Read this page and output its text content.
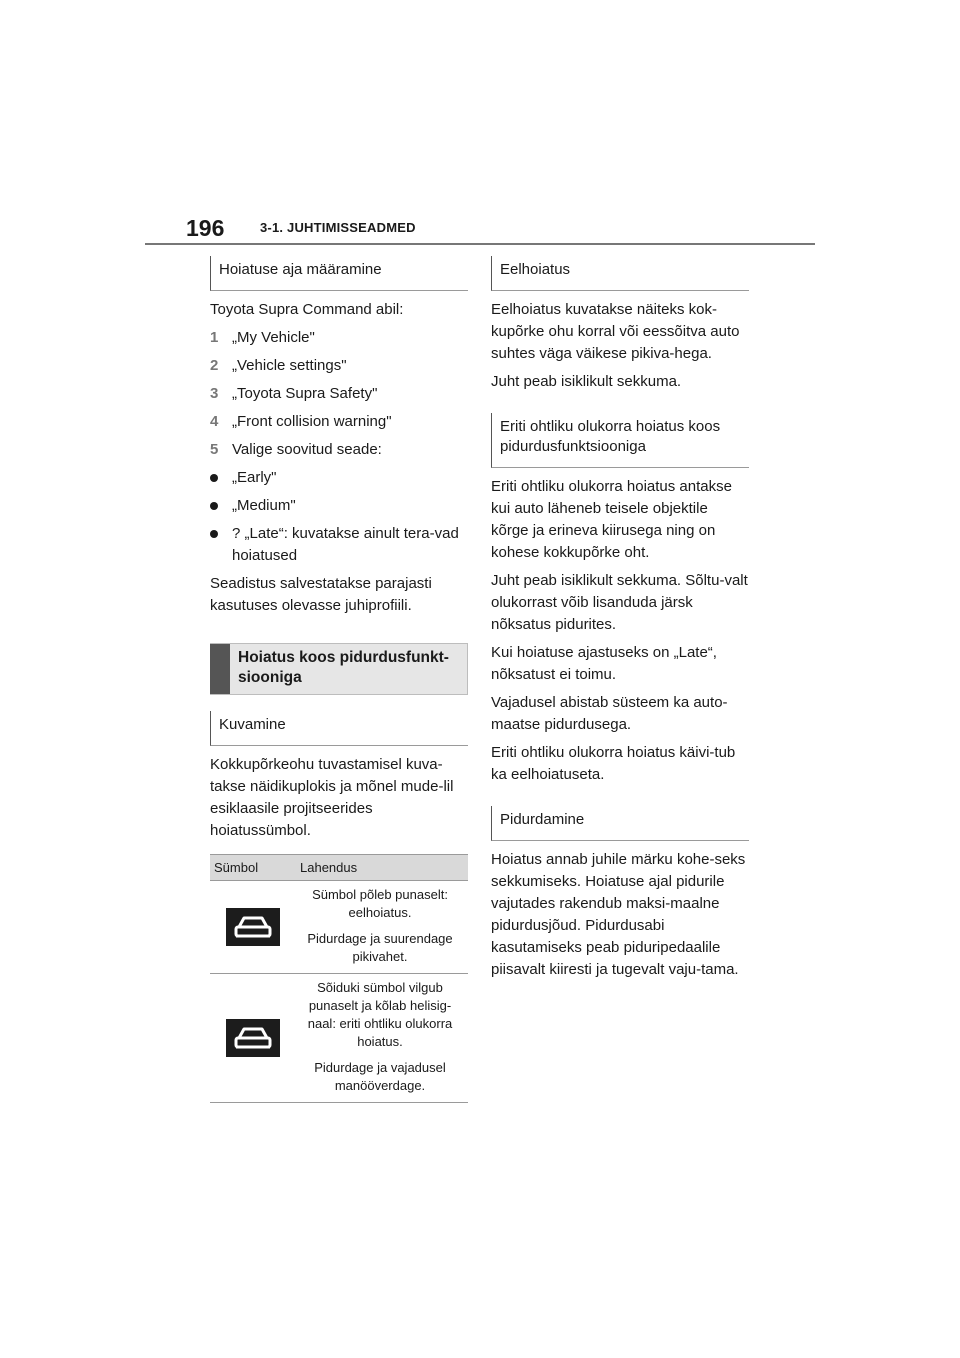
196	3-1. JUHTIMISSEADMED
Hoiatuse aja määramine

Toyota Supra Command abil:

1 „My Vehicle"
2 „Vehicle settings"
3 „Toyota Supra Safety"
4 „Front collision warning"
5 Valige soovitud seade:
„Early"
„Medium"
? „Late“: kuvatakse ainult tera-vad hoiatused

Seadistus salvestatakse parajasti kasutuses olevasse juhiprofiili.

Hoiatus koos pidurdusfunkt-siooniga
Kuvamine

Kokkupõrkeohu tuvastamisel kuva-takse näidikuplokis ja mõnel mude-lil esiklaasile projitseerides hoiatussümbol.

Sümbol	Lahendus

Sümbol põleb punaselt: eelhoiatus.

Pidurdage ja suurendage pikivahet.

Sõiduki sümbol vilgub punaselt ja kõlab helisig-naal: eriti ohtliku olukorra hoiatus.

Pidurdage ja vajadusel manööverdage.

Eelhoiatus

Eelhoiatus kuvatakse näiteks kok-kupõrke ohu korral või eessõitva auto suhtes väga väikese pikiva-hega.

Juht peab isiklikult sekkuma.

Eriti ohtliku olukorra hoiatus koos pidurdusfunktsiooniga

Eriti ohtliku olukorra hoiatus antakse kui auto läheneb teisele objektile kõrge ja erineva kiirusega ning on kohese kokkupõrke oht.

Juht peab isiklikult sekkuma. Sõltu-valt olukorrast võib lisanduda järsk nõksatus pidurites.

Kui hoiatuse ajastuseks on „Late“, nõksatust ei toimu.

Vajadusel abistab süsteem ka auto-maatse pidurdusega.

Eriti ohtliku olukorra hoiatus käivi-tub ka eelhoiatuseta.

Pidurdamine

Hoiatus annab juhile märku kohe-seks sekkumiseks. Hoiatuse ajal pidurile vajutades rakendub maksi-maalne pidurdusjõud. Pidurdusabi kasutamiseks peab piduripedaalile piisavalt kiiresti ja tugevalt vaju-tama.
